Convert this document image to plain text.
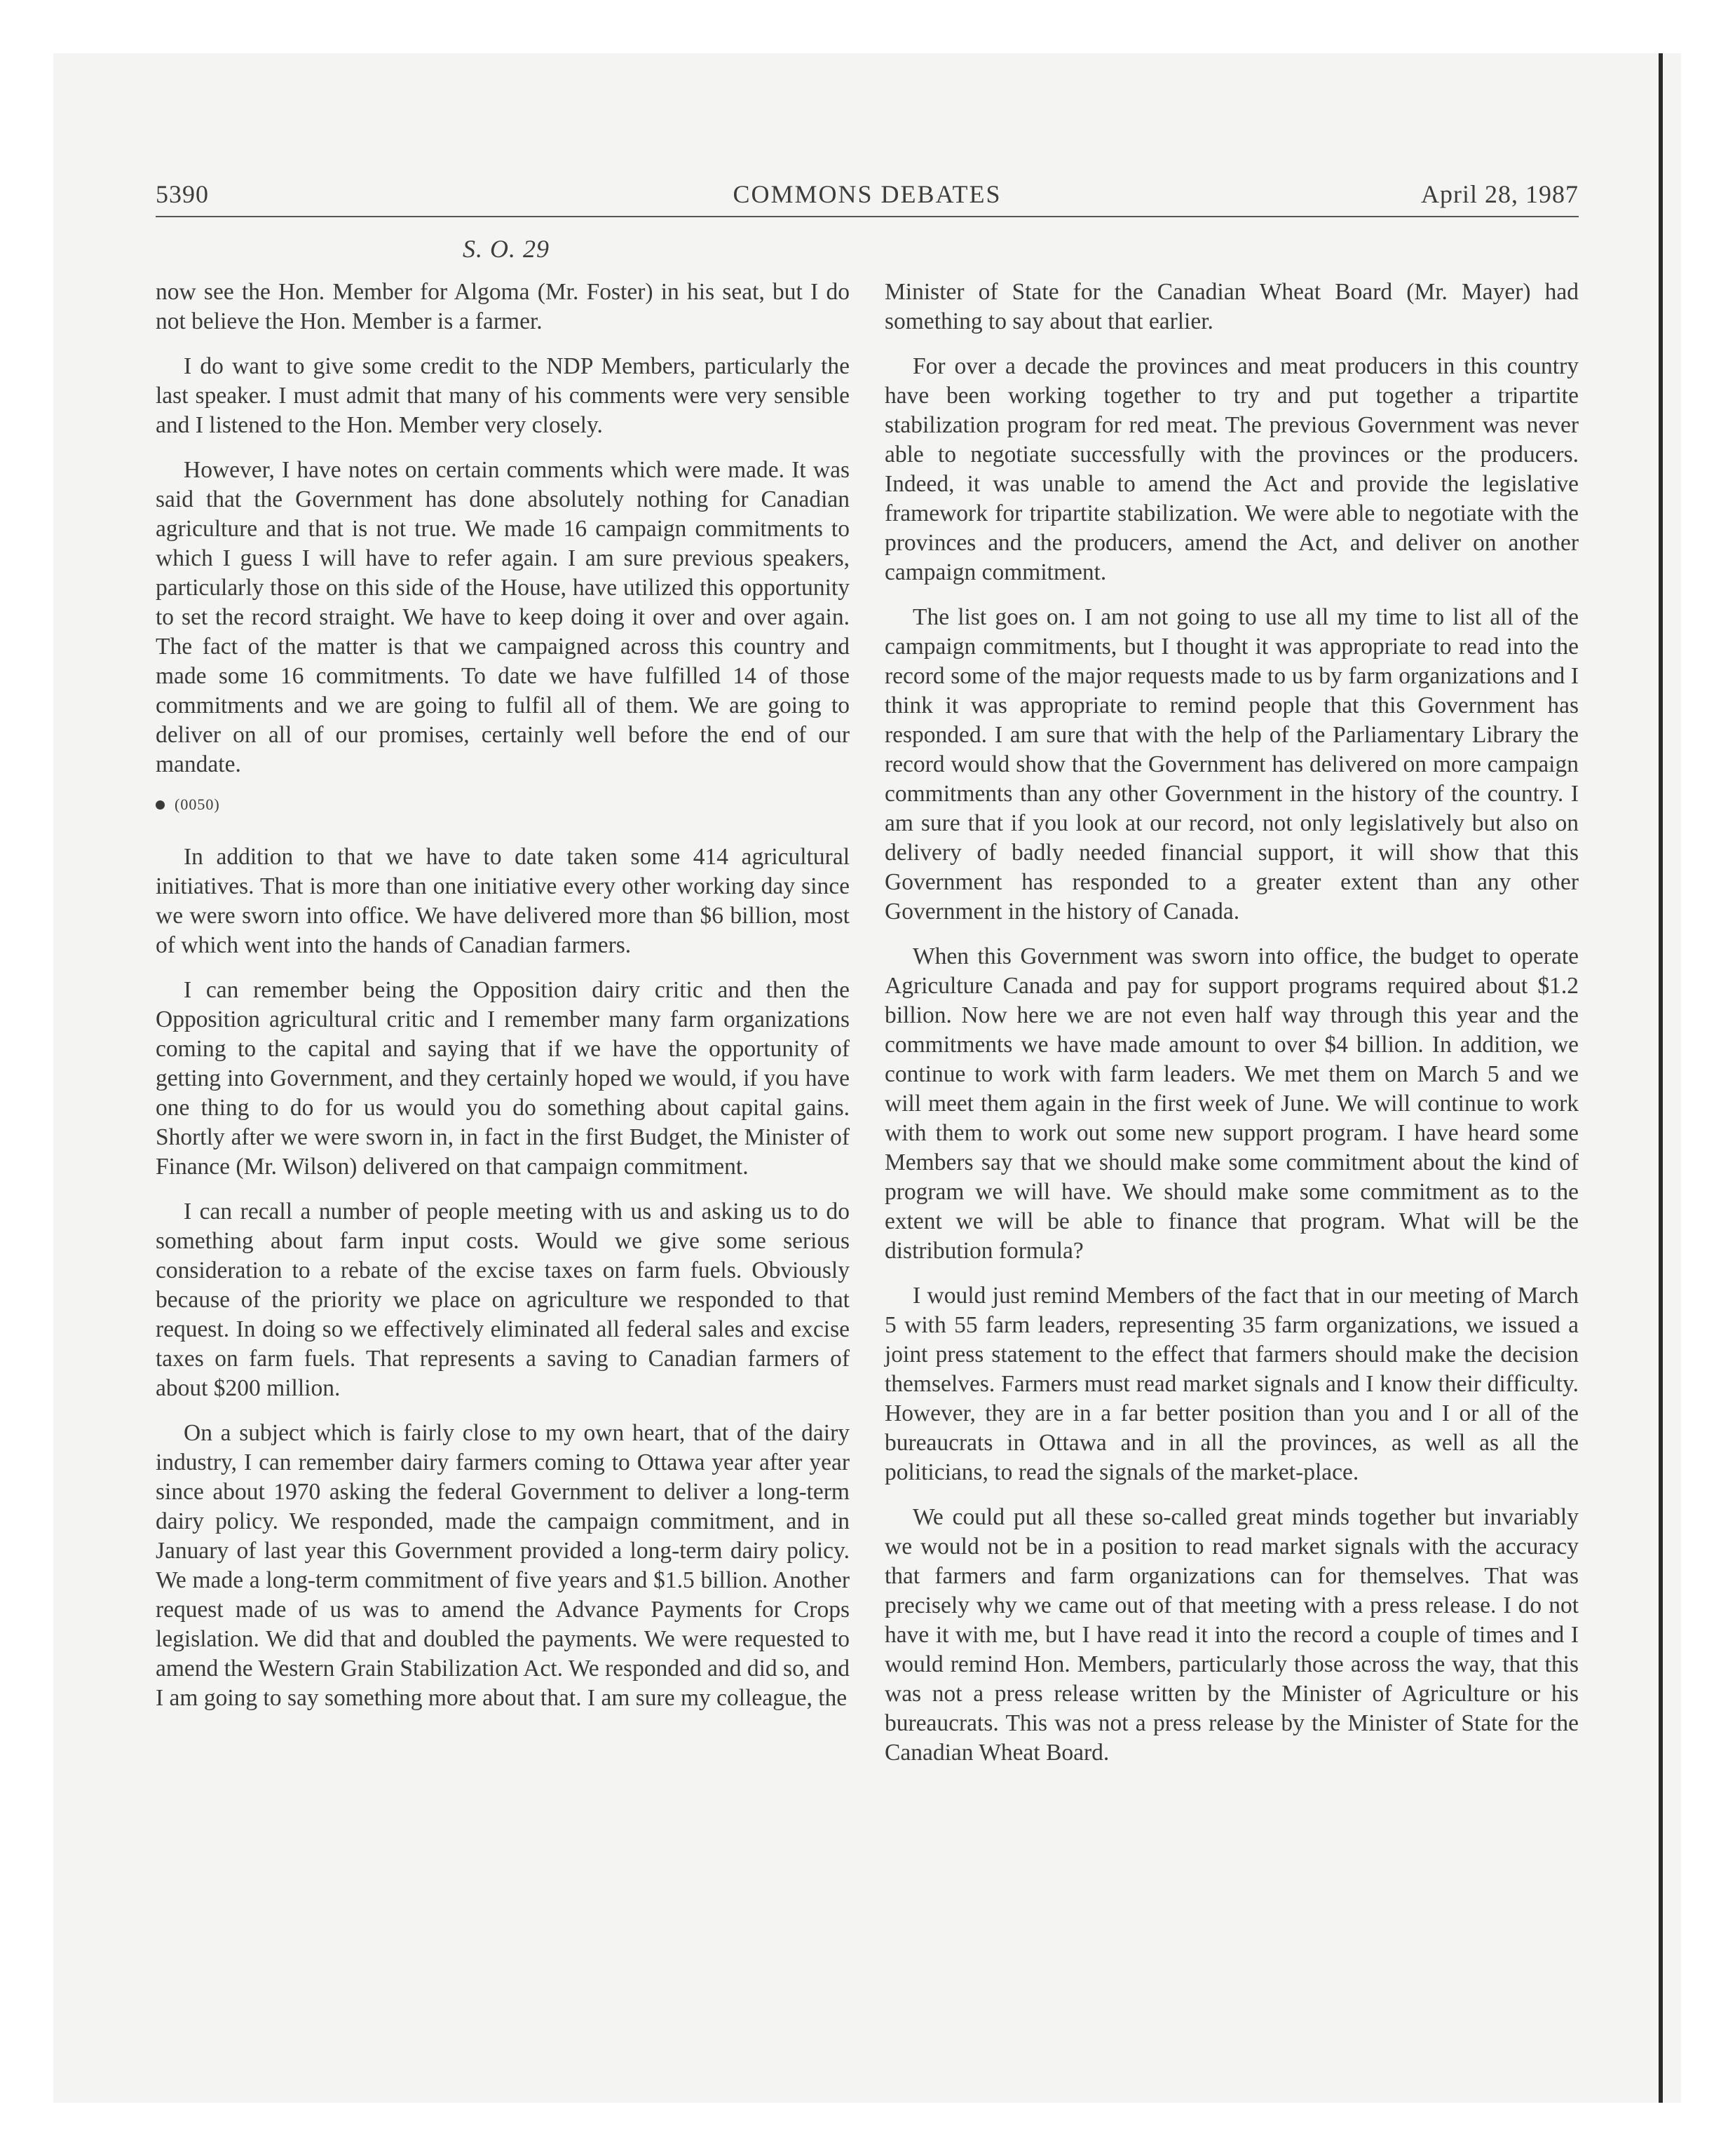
5390	COMMONS DEBATES	April 28, 1987
S. O. 29

now see the Hon. Member for Algoma (Mr. Foster) in his seat, but I do not believe the Hon. Member is a farmer.

I do want to give some credit to the NDP Members, particularly the last speaker. I must admit that many of his comments were very sensible and I listened to the Hon. Member very closely.

However, I have notes on certain comments which were made. It was said that the Government has done absolutely nothing for Canadian agriculture and that is not true. We made 16 campaign commitments to which I guess I will have to refer again. I am sure previous speakers, particularly those on this side of the House, have utilized this opportunity to set the record straight. We have to keep doing it over and over again. The fact of the matter is that we campaigned across this country and made some 16 commitments. To date we have fulfilled 14 of those commitments and we are going to fulfil all of them. We are going to deliver on all of our promises, certainly well before the end of our mandate.

(0050)

In addition to that we have to date taken some 414 agricultural initiatives. That is more than one initiative every other working day since we were sworn into office. We have delivered more than $6 billion, most of which went into the hands of Canadian farmers.

I can remember being the Opposition dairy critic and then the Opposition agricultural critic and I remember many farm organizations coming to the capital and saying that if we have the opportunity of getting into Government, and they certainly hoped we would, if you have one thing to do for us would you do something about capital gains. Shortly after we were sworn in, in fact in the first Budget, the Minister of Finance (Mr. Wilson) delivered on that campaign commitment.

I can recall a number of people meeting with us and asking us to do something about farm input costs. Would we give some serious consideration to a rebate of the excise taxes on farm fuels. Obviously because of the priority we place on agriculture we responded to that request. In doing so we effectively eliminated all federal sales and excise taxes on farm fuels. That represents a saving to Canadian farmers of about $200 million.

On a subject which is fairly close to my own heart, that of the dairy industry, I can remember dairy farmers coming to Ottawa year after year since about 1970 asking the federal Government to deliver a long-term dairy policy. We responded, made the campaign commitment, and in January of last year this Government provided a long-term dairy policy. We made a long-term commitment of five years and $1.5 billion. Another request made of us was to amend the Advance Payments for Crops legislation. We did that and doubled the payments. We were requested to amend the Western Grain Stabilization Act. We responded and did so, and I am going to say something more about that. I am sure my colleague, the

Minister of State for the Canadian Wheat Board (Mr. Mayer) had something to say about that earlier.

For over a decade the provinces and meat producers in this country have been working together to try and put together a tripartite stabilization program for red meat. The previous Government was never able to negotiate successfully with the provinces or the producers. Indeed, it was unable to amend the Act and provide the legislative framework for tripartite stabilization. We were able to negotiate with the provinces and the producers, amend the Act, and deliver on another campaign commitment.

The list goes on. I am not going to use all my time to list all of the campaign commitments, but I thought it was appropriate to read into the record some of the major requests made to us by farm organizations and I think it was appropriate to remind people that this Government has responded. I am sure that with the help of the Parliamentary Library the record would show that the Government has delivered on more campaign commitments than any other Government in the history of the country. I am sure that if you look at our record, not only legislatively but also on delivery of badly needed financial support, it will show that this Government has responded to a greater extent than any other Government in the history of Canada.

When this Government was sworn into office, the budget to operate Agriculture Canada and pay for support programs required about $1.2 billion. Now here we are not even half way through this year and the commitments we have made amount to over $4 billion. In addition, we continue to work with farm leaders. We met them on March 5 and we will meet them again in the first week of June. We will continue to work with them to work out some new support program. I have heard some Members say that we should make some commitment about the kind of program we will have. We should make some commitment as to the extent we will be able to finance that program. What will be the distribution formula?

I would just remind Members of the fact that in our meeting of March 5 with 55 farm leaders, representing 35 farm organizations, we issued a joint press statement to the effect that farmers should make the decision themselves. Farmers must read market signals and I know their difficulty. However, they are in a far better position than you and I or all of the bureaucrats in Ottawa and in all the provinces, as well as all the politicians, to read the signals of the market-place.

We could put all these so-called great minds together but invariably we would not be in a position to read market signals with the accuracy that farmers and farm organizations can for themselves. That was precisely why we came out of that meeting with a press release. I do not have it with me, but I have read it into the record a couple of times and I would remind Hon. Members, particularly those across the way, that this was not a press release written by the Minister of Agriculture or his bureaucrats. This was not a press release by the Minister of State for the Canadian Wheat Board.
